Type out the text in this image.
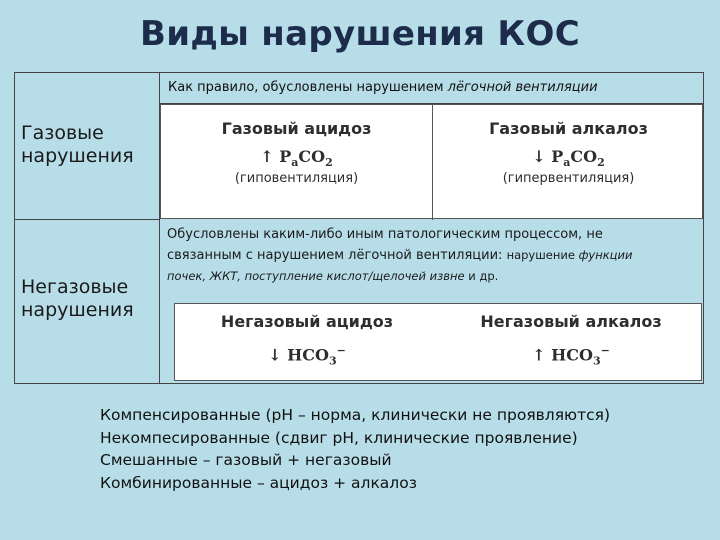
Виды нарушения КОС
Газовые нарушения
Негазовые нарушения
Как правило, обусловлены нарушением лёгочной вентиляции
Газовый ацидоз
↑ $P_aCO_2$
(гиповентиляция)
Газовый алкалоз
↓ $P_aCO_2$
(гипервентиляция)
Обусловлены каким-либо иным патологическим процессом, не
связанным с нарушением лёгочной вентиляции: нарушение функции
почек, ЖКТ, поступление кислот/щелочей извне и др.
Негазовый ацидоз
↓ $HCO_3^-$
Негазовый алкалоз
↑ $HCO_3^-$
Компенсированные (рН – норма, клинически не проявляются)
Некомпесированные (сдвиг рН, клинические проявление)
Смешанные – газовый + негазовый
Комбинированные – ацидоз + алкалоз
